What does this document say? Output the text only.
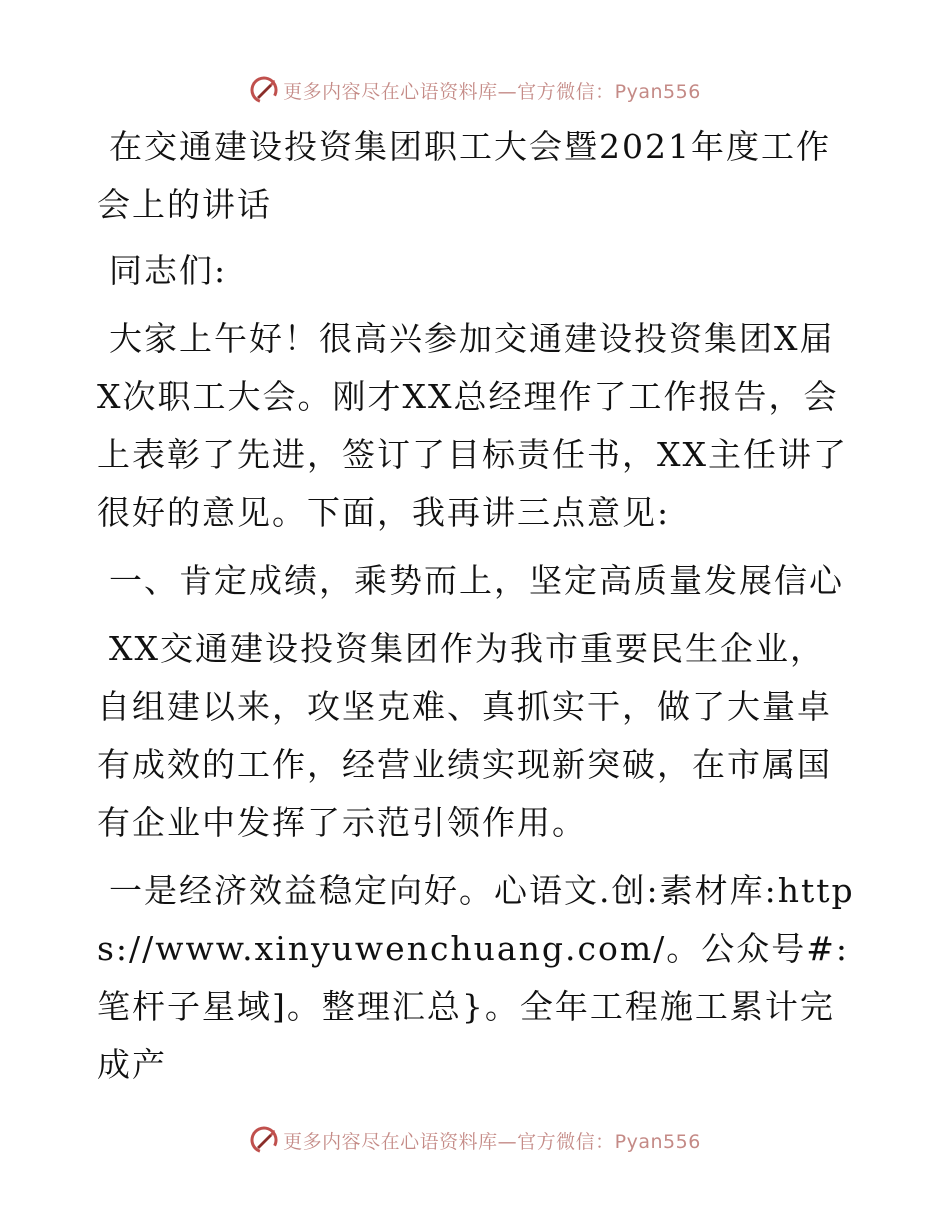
更多内容尽在心语资料库—官方微信：Pyan556
在交通建设投资集团职工大会暨2021年度工作会上的讲话
同志们:
大家上午好！很高兴参加交通建设投资集团X届X次职工大会。刚才XX总经理作了工作报告，会上表彰了先进，签订了目标责任书，XX主任讲了很好的意见。下面，我再讲三点意见:
一、肯定成绩，乘势而上，坚定高质量发展信心
XX交通建设投资集团作为我市重要民生企业，自组建以来，攻坚克难、真抓实干，做了大量卓有成效的工作，经营业绩实现新突破，在市属国有企业中发挥了示范引领作用。
一是经济效益稳定向好。心语文.创:素材库:https://www.xinyuwenchuang.com/。公众号#:笔杆子星域]。整理汇总}。全年工程施工累计完成产
更多内容尽在心语资料库—官方微信：Pyan556
